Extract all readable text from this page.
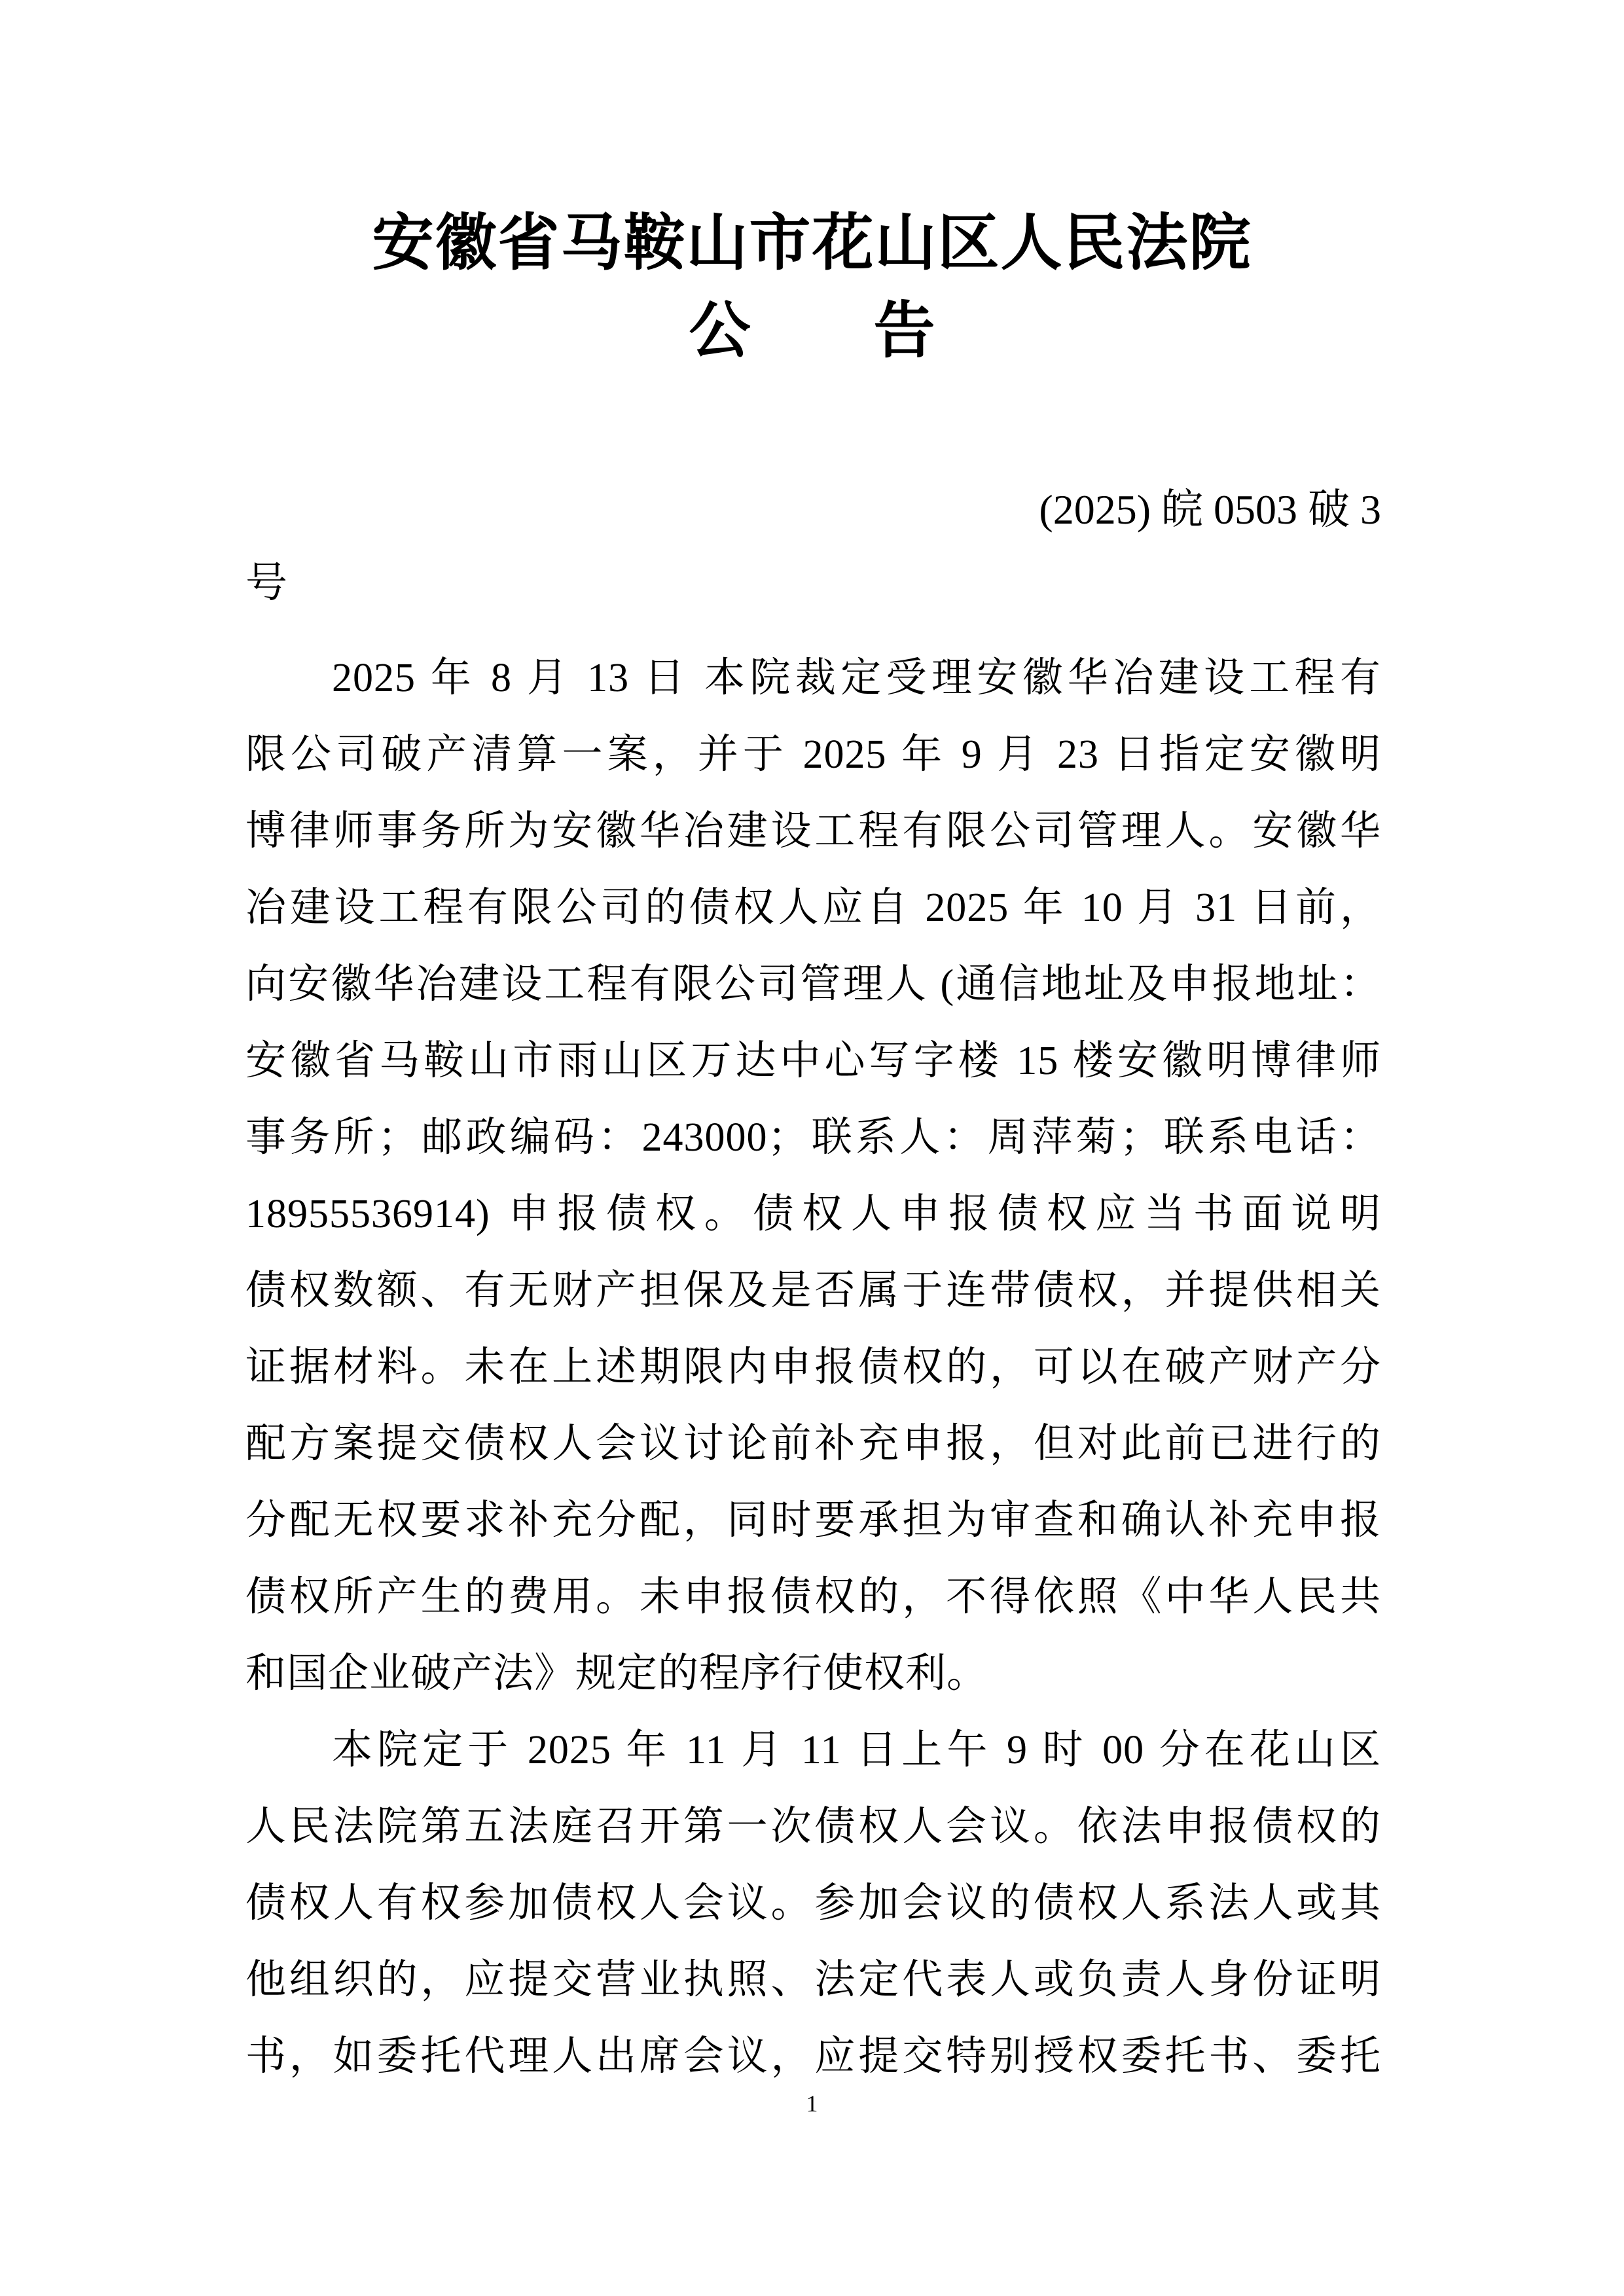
安徽省马鞍山市花山区人民法院
公　　告
(2025) 皖 0503 破 3
号
2025 年 8 月 13 日 本院裁定受理安徽华冶建设工程有
限公司破产清算一案，并于 2025 年 9 月 23 日指定安徽明
博律师事务所为安徽华冶建设工程有限公司管理人。安徽华
冶建设工程有限公司的债权人应自 2025 年 10 月 31 日前，
向安徽华冶建设工程有限公司管理人 (通信地址及申报地址：
安徽省马鞍山市雨山区万达中心写字楼 15 楼安徽明博律师
事务所；邮政编码：243000；联系人：周萍菊；联系电话：
18955536914) 申报债权。债权人申报债权应当书面说明
债权数额、有无财产担保及是否属于连带债权，并提供相关
证据材料。未在上述期限内申报债权的，可以在破产财产分
配方案提交债权人会议讨论前补充申报，但对此前已进行的
分配无权要求补充分配，同时要承担为审查和确认补充申报
债权所产生的费用。未申报债权的，不得依照《中华人民共
和国企业破产法》规定的程序行使权利。
本院定于 2025 年 11 月 11 日上午 9 时 00 分在花山区
人民法院第五法庭召开第一次债权人会议。依法申报债权的
债权人有权参加债权人会议。参加会议的债权人系法人或其
他组织的，应提交营业执照、法定代表人或负责人身份证明
书，如委托代理人出席会议，应提交特别授权委托书、委托
1
